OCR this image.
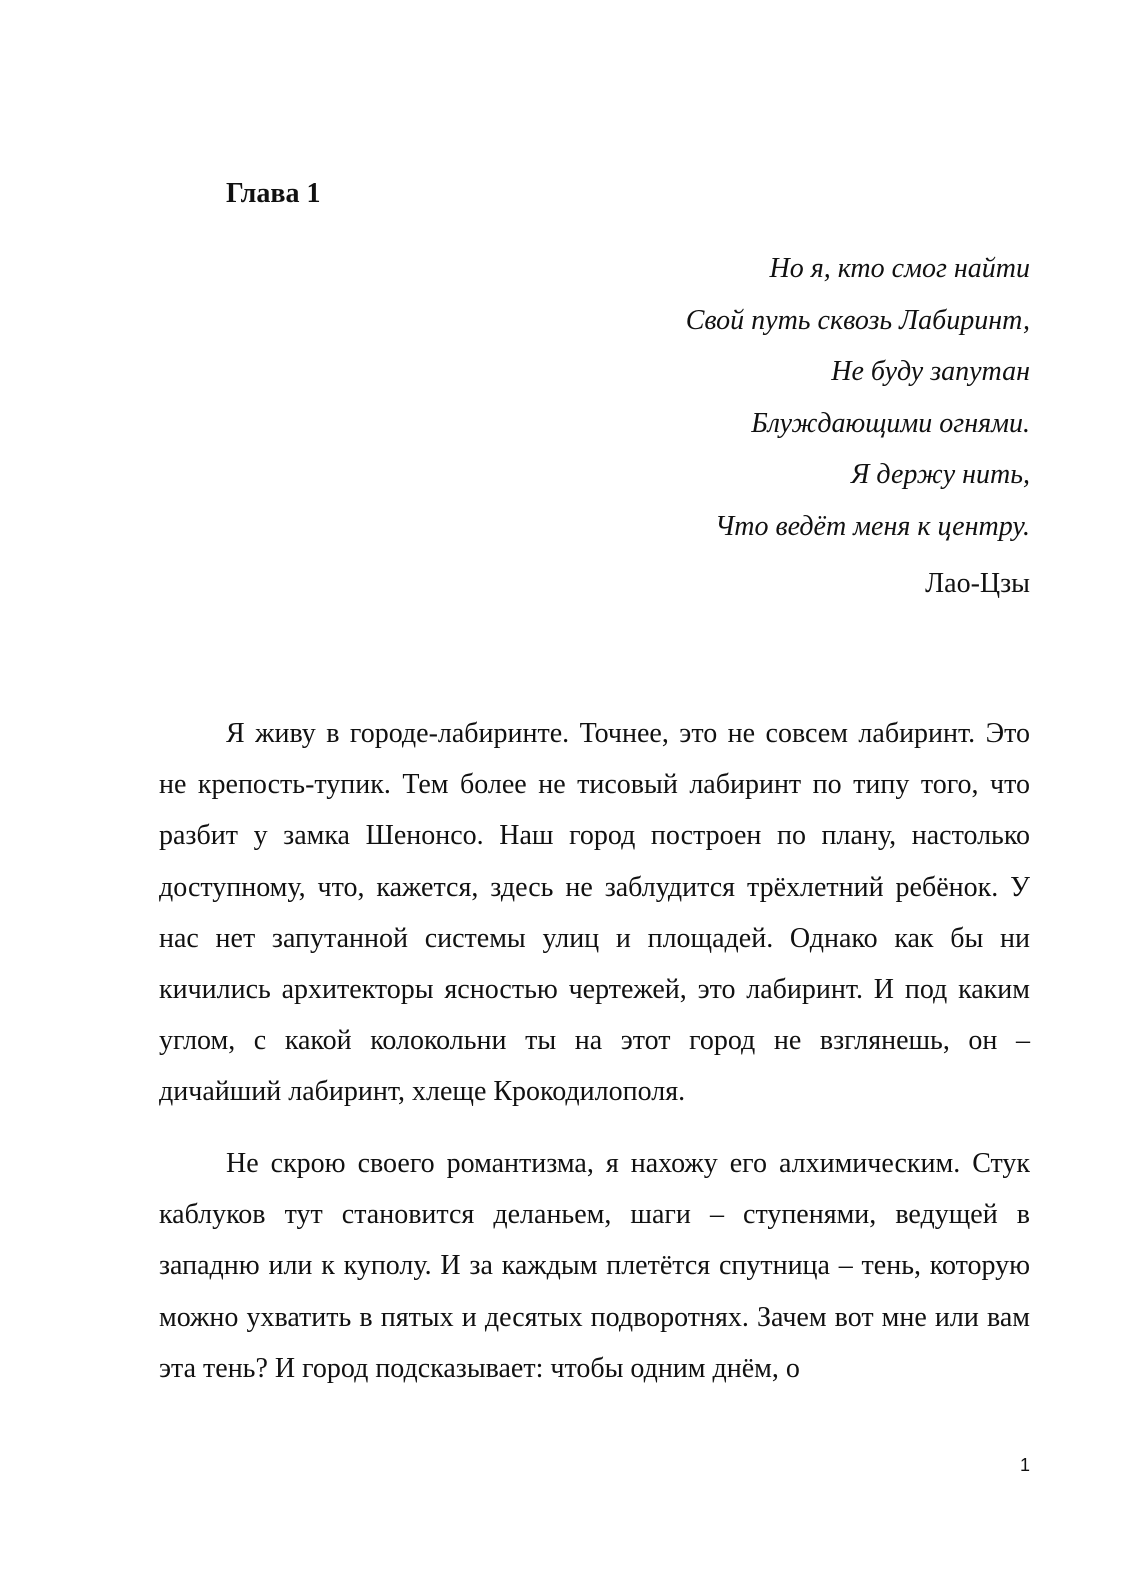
Глава 1
Но я, кто смог найти
Свой путь сквозь Лабиринт,
Не буду запутан
Блуждающими огнями.
Я держу нить,
Что ведёт меня к центру.
Лао-Цзы

Я живу в городе-лабиринте. Точнее, это не совсем лабиринт. Это не крепость-тупик. Тем более не тисовый лабиринт по типу того, что разбит у замка Шенонсо. Наш город построен по плану, настолько доступному, что, кажется, здесь не заблудится трёхлетний ребёнок. У нас нет запутанной системы улиц и площадей. Однако как бы ни кичились архитекторы ясностью чертежей, это лабиринт. И под каким углом, с какой колокольни ты на этот город не взглянешь, он – дичайший лабиринт, хлеще Крокодилополя.

Не скрою своего романтизма, я нахожу его алхимическим. Стук каблуков тут становится деланьем, шаги – ступенями, ведущей в западню или к куполу. И за каждым плетётся спутница – тень, которую можно ухватить в пятых и десятых подворотнях. Зачем вот мне или вам эта тень? И город подсказывает: чтобы одним днём, о

1
